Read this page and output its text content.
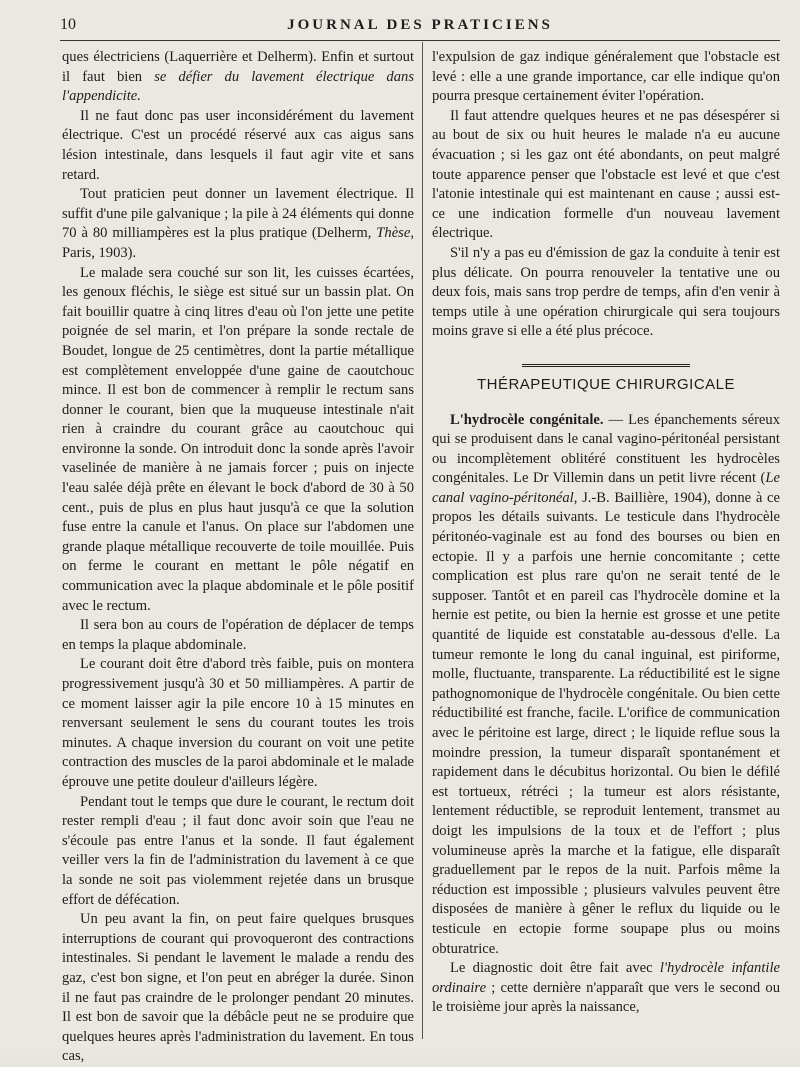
10	JOURNAL DES PRATICIENS

ques électriciens (Laquerrière et Delherm). Enfin et surtout il faut bien se défier du lavement électrique dans l'appendicite.

Il ne faut donc pas user inconsidérément du lavement électrique. C'est un procédé réservé aux cas aigus sans lésion intestinale, dans lesquels il faut agir vite et sans retard.

Tout praticien peut donner un lavement électrique. Il suffit d'une pile galvanique ; la pile à 24 éléments qui donne 70 à 80 milliampères est la plus pratique (Delherm, Thèse, Paris, 1903).

Le malade sera couché sur son lit, les cuisses écartées, les genoux fléchis, le siège est situé sur un bassin plat. On fait bouillir quatre à cinq litres d'eau où l'on jette une petite poignée de sel marin, et l'on prépare la sonde rectale de Boudet, longue de 25 centimètres, dont la partie métallique est complètement enveloppée d'une gaine de caoutchouc mince. Il est bon de commencer à remplir le rectum sans donner le courant, bien que la muqueuse intestinale n'ait rien à craindre du courant grâce au caoutchouc qui environne la sonde. On introduit donc la sonde après l'avoir vaselinée de manière à ne jamais forcer ; puis on injecte l'eau salée déjà prête en élevant le bock d'abord de 30 à 50 cent., puis de plus en plus haut jusqu'à ce que la solution fuse entre la canule et l'anus. On place sur l'abdomen une grande plaque métallique recouverte de toile mouillée. Puis on ferme le courant en mettant le pôle négatif en communication avec la plaque abdominale et le pôle positif avec le rectum.

Il sera bon au cours de l'opération de déplacer de temps en temps la plaque abdominale.

Le courant doit être d'abord très faible, puis on montera progressivement jusqu'à 30 et 50 milliampères. A partir de ce moment laisser agir la pile encore 10 à 15 minutes en renversant seulement le sens du courant toutes les trois minutes. A chaque inversion du courant on voit une petite contraction des muscles de la paroi abdominale et le malade éprouve une petite douleur d'ailleurs légère.

Pendant tout le temps que dure le courant, le rectum doit rester rempli d'eau ; il faut donc avoir soin que l'eau ne s'écoule pas entre l'anus et la sonde. Il faut également veiller vers la fin de l'administration du lavement à ce que la sonde ne soit pas violemment rejetée dans un brusque effort de défécation.

Un peu avant la fin, on peut faire quelques brusques interruptions de courant qui provoqueront des contractions intestinales. Si pendant le lavement le malade a rendu des gaz, c'est bon signe, et l'on peut en abréger la durée. Sinon il ne faut pas craindre de le prolonger pendant 20 minutes. Il est bon de savoir que la débâcle peut ne se produire que quelques heures après l'administration du lavement. En tous cas,

l'expulsion de gaz indique généralement que l'obstacle est levé : elle a une grande importance, car elle indique qu'on pourra presque certainement éviter l'opération.

Il faut attendre quelques heures et ne pas désespérer si au bout de six ou huit heures le malade n'a eu aucune évacuation ; si les gaz ont été abondants, on peut malgré toute apparence penser que l'obstacle est levé et que c'est l'atonie intestinale qui est maintenant en cause ; aussi est-ce une indication formelle d'un nouveau lavement électrique.

S'il n'y a pas eu d'émission de gaz la conduite à tenir est plus délicate. On pourra renouveler la tentative une ou deux fois, mais sans trop perdre de temps, afin d'en venir à temps utile à une opération chirurgicale qui sera toujours moins grave si elle a été plus précoce.

THÉRAPEUTIQUE CHIRURGICALE

L'hydrocèle congénitale. — Les épanchements séreux qui se produisent dans le canal vagino-péritonéal persistant ou incomplètement oblitéré constituent les hydrocèles congénitales. Le Dr Villemin dans un petit livre récent (Le canal vagino-péritonéal, J.-B. Baillière, 1904), donne à ce propos les détails suivants. Le testicule dans l'hydrocèle péritonéo-vaginale est au fond des bourses ou bien en ectopie. Il y a parfois une hernie concomitante ; cette complication est plus rare qu'on ne serait tenté de le supposer. Tantôt et en pareil cas l'hydrocèle domine et la hernie est petite, ou bien la hernie est grosse et une petite quantité de liquide est constatable au-dessous d'elle. La tumeur remonte le long du canal inguinal, est piriforme, molle, fluctuante, transparente. La réductibilité est le signe pathognomonique de l'hydrocèle congénitale. Ou bien cette réductibilité est franche, facile. L'orifice de communication avec le péritoine est large, direct ; le liquide reflue sous la moindre pression, la tumeur disparaît spontanément et rapidement dans le décubitus horizontal. Ou bien le défilé est tortueux, rétréci ; la tumeur est alors résistante, lentement réductible, se reproduit lentement, transmet au doigt les impulsions de la toux et de l'effort ; plus volumineuse après la marche et la fatigue, elle disparaît graduellement par le repos de la nuit. Parfois même la réduction est impossible ; plusieurs valvules peuvent être disposées de manière à gêner le reflux du liquide ou le testicule en ectopie forme soupape plus ou moins obturatrice.

Le diagnostic doit être fait avec l'hydrocèle infantile ordinaire ; cette dernière n'apparaît que vers le second ou le troisième jour après la naissance,
